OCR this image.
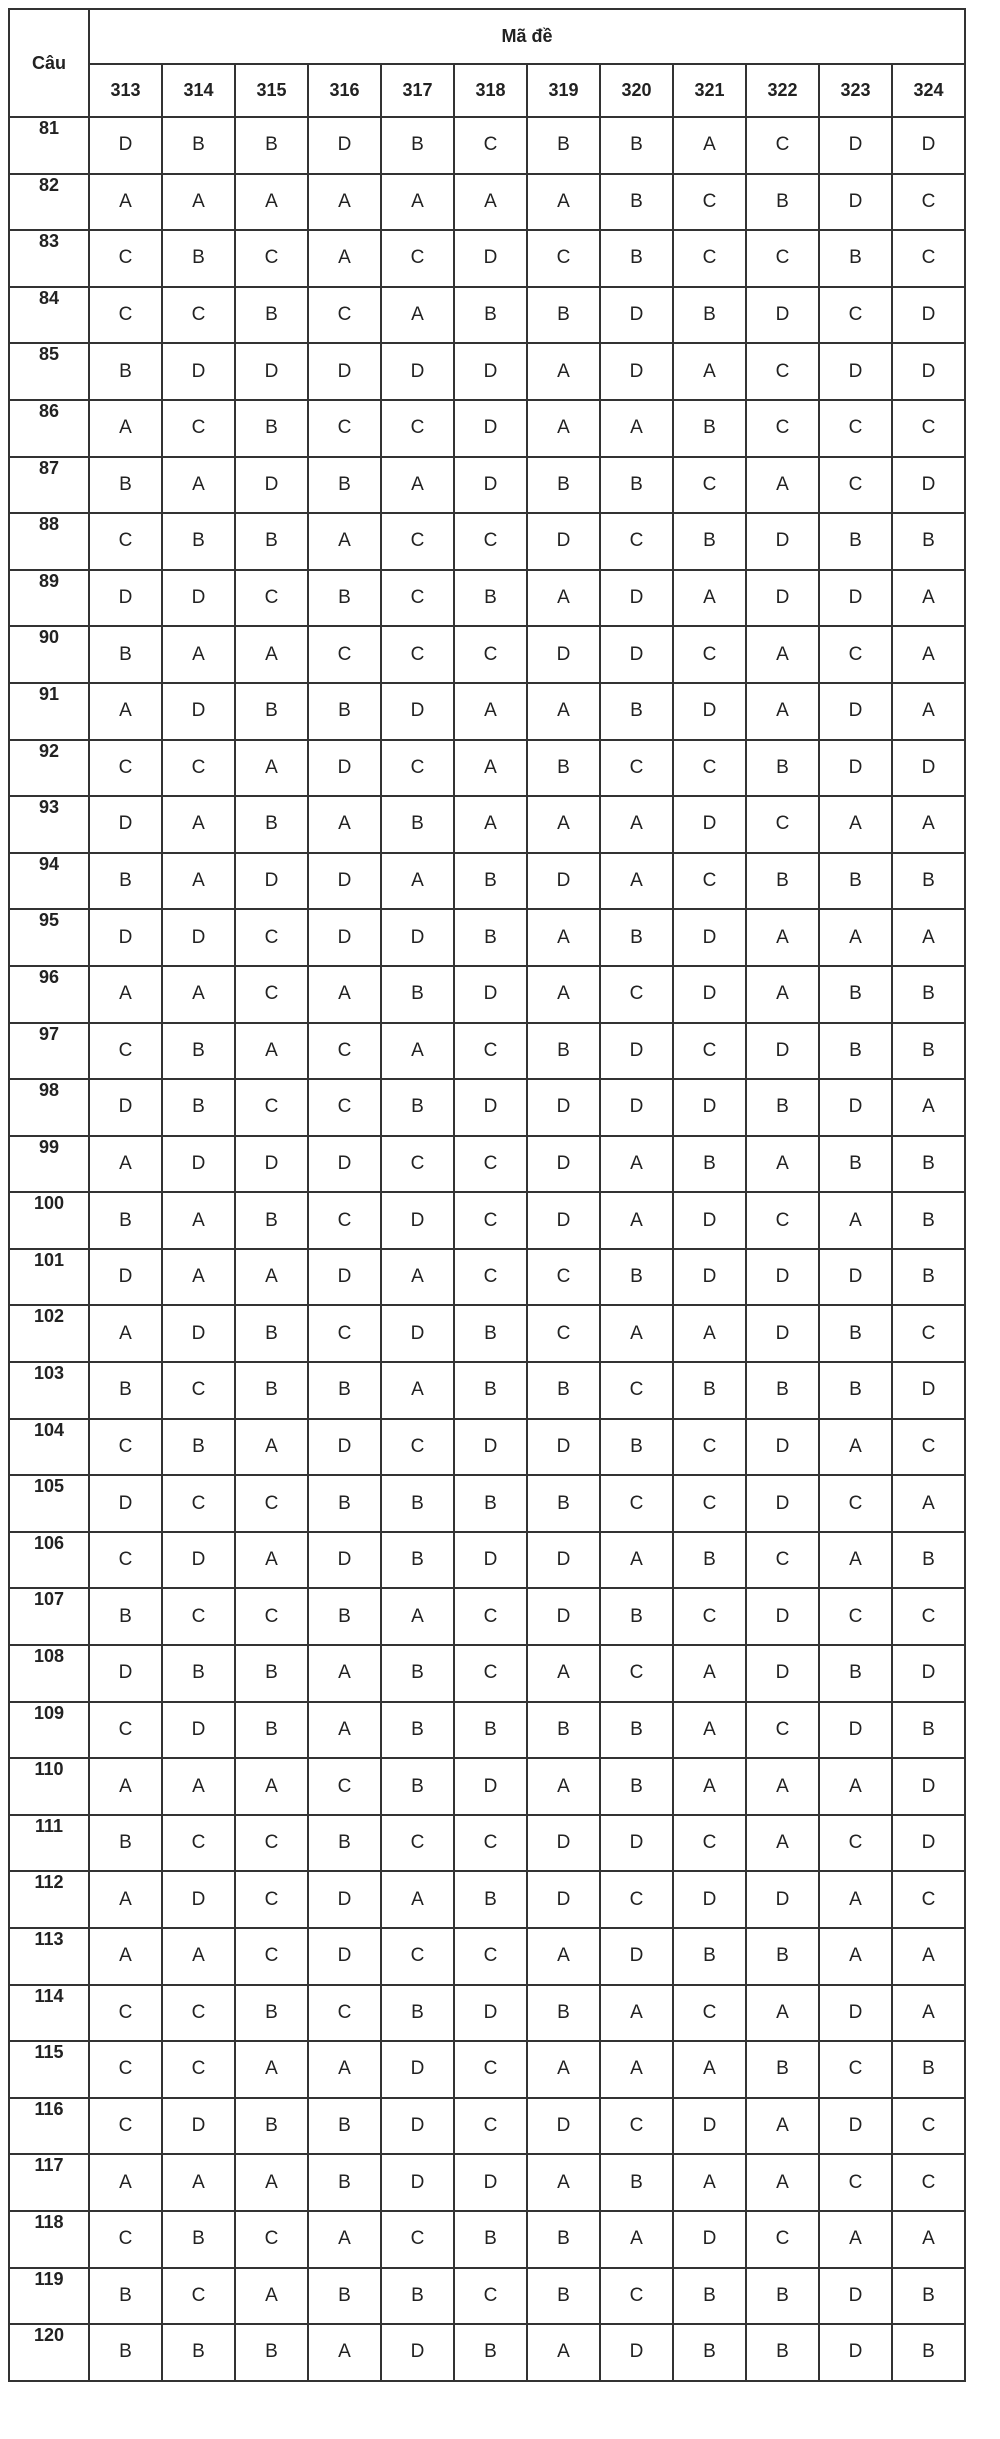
Câu	Mã đề											
	313	314	315	316	317	318	319	320	321	322	323	324
81	D	B	B	D	B	C	B	B	A	C	D	D
82	A	A	A	A	A	A	A	B	C	B	D	C
83	C	B	C	A	C	D	C	B	C	C	B	C
84	C	C	B	C	A	B	B	D	B	D	C	D
85	B	D	D	D	D	D	A	D	A	C	D	D
86	A	C	B	C	C	D	A	A	B	C	C	C
87	B	A	D	B	A	D	B	B	C	A	C	D
88	C	B	B	A	C	C	D	C	B	D	B	B
89	D	D	C	B	C	B	A	D	A	D	D	A
90	B	A	A	C	C	C	D	D	C	A	C	A
91	A	D	B	B	D	A	A	B	D	A	D	A
92	C	C	A	D	C	A	B	C	C	B	D	D
93	D	A	B	A	B	A	A	A	D	C	A	A
94	B	A	D	D	A	B	D	A	C	B	B	B
95	D	D	C	D	D	B	A	B	D	A	A	A
96	A	A	C	A	B	D	A	C	D	A	B	B
97	C	B	A	C	A	C	B	D	C	D	B	B
98	D	B	C	C	B	D	D	D	D	B	D	A
99	A	D	D	D	C	C	D	A	B	A	B	B
100	B	A	B	C	D	C	D	A	D	C	A	B
101	D	A	A	D	A	C	C	B	D	D	D	B
102	A	D	B	C	D	B	C	A	A	D	B	C
103	B	C	B	B	A	B	B	C	B	B	B	D
104	C	B	A	D	C	D	D	B	C	D	A	C
105	D	C	C	B	B	B	B	C	C	D	C	A
106	C	D	A	D	B	D	D	A	B	C	A	B
107	B	C	C	B	A	C	D	B	C	D	C	C
108	D	B	B	A	B	C	A	C	A	D	B	D
109	C	D	B	A	B	B	B	B	A	C	D	B
110	A	A	A	C	B	D	A	B	A	A	A	D
111	B	C	C	B	C	C	D	D	C	A	C	D
112	A	D	C	D	A	B	D	C	D	D	A	C
113	A	A	C	D	C	C	A	D	B	B	A	A
114	C	C	B	C	B	D	B	A	C	A	D	A
115	C	C	A	A	D	C	A	A	A	B	C	B
116	C	D	B	B	D	C	D	C	D	A	D	C
117	A	A	A	B	D	D	A	B	A	A	C	C
118	C	B	C	A	C	B	B	A	D	C	A	A
119	B	C	A	B	B	C	B	C	B	B	D	B
120	B	B	B	A	D	B	A	D	B	B	D	B
